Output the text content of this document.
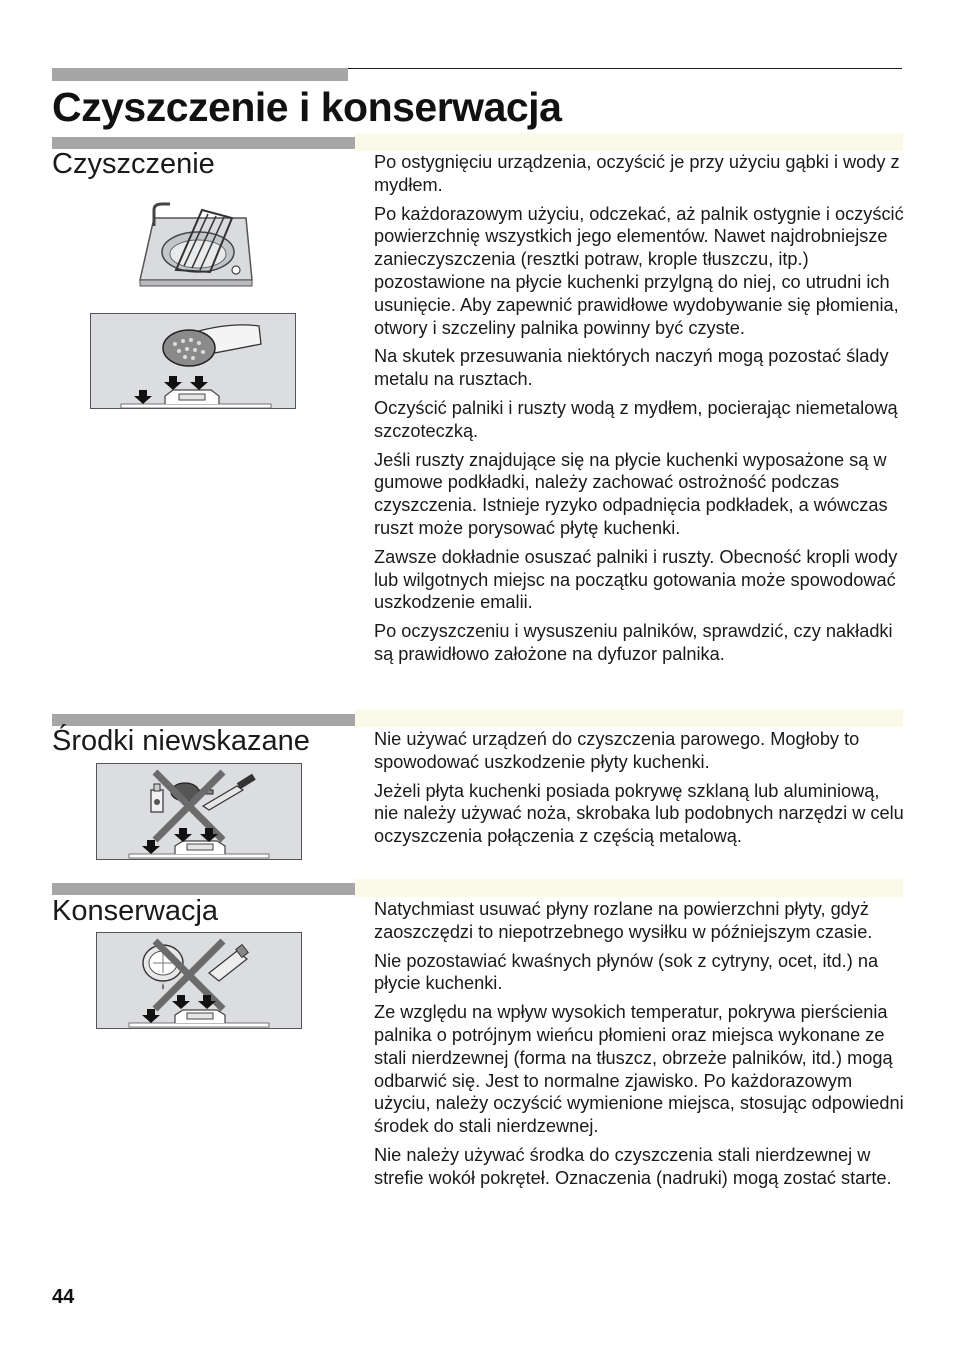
Czyszczenie i konserwacja
Czyszczenie	Po ostygnięciu urządzenia, oczyścić je przy użyciu gąbki i wody z mydłem.

Po każdorazowym użyciu, odczekać, aż palnik ostygnie i oczyścić powierzchnię wszystkich jego elementów. Nawet najdrobniejsze zanieczyszczenia (resztki potraw, krople tłuszczu, itp.) pozostawione na płycie kuchenki przylgną do niej, co utrudni ich usunięcie. Aby zapewnić prawidłowe wydobywanie się płomienia, otwory i szczeliny palnika powinny być czyste.

Na skutek przesuwania niektórych naczyń mogą pozostać ślady metalu na rusztach.

Oczyścić palniki i ruszty wodą z mydłem, pocierając niemetalową szczoteczką.

Jeśli ruszty znajdujące się na płycie kuchenki wyposażone są w gumowe podkładki, należy zachować ostrożność podczas czyszczenia. Istnieje ryzyko odpadnięcia podkładek, a wówczas ruszt może porysować płytę kuchenki.

Zawsze dokładnie osuszać palniki i ruszty. Obecność kropli wody lub wilgotnych miejsc na początku gotowania może spowodować uszkodzenie emalii.

Po oczyszczeniu i wysuszeniu palników, sprawdzić, czy nakładki są prawidłowo założone na dyfuzor palnika.

Środki niewskazane	Nie używać urządzeń do czyszczenia parowego. Mogłoby to spowodować uszkodzenie płyty kuchenki.

Jeżeli płyta kuchenki posiada pokrywę szklaną lub aluminiową, nie należy używać noża, skrobaka lub podobnych narzędzi w celu oczyszczenia połączenia z częścią metalową.

Konserwacja	Natychmiast usuwać płyny rozlane na powierzchni płyty, gdyż zaoszczędzi to niepotrzebnego wysiłku w późniejszym czasie.

Nie pozostawiać kwaśnych płynów (sok z cytryny, ocet, itd.) na płycie kuchenki.

Ze względu na wpływ wysokich temperatur, pokrywa pierścienia palnika o potrójnym wieńcu płomieni oraz miejsca wykonane ze stali nierdzewnej (forma na tłuszcz, obrzeże palników, itd.) mogą odbarwić się. Jest to normalne zjawisko. Po każdorazowym użyciu, należy oczyścić wymienione miejsca, stosując odpowiedni środek do stali nierdzewnej.

Nie należy używać środka do czyszczenia stali nierdzewnej w strefie wokół pokręteł. Oznaczenia (nadruki) mogą zostać starte.

44
